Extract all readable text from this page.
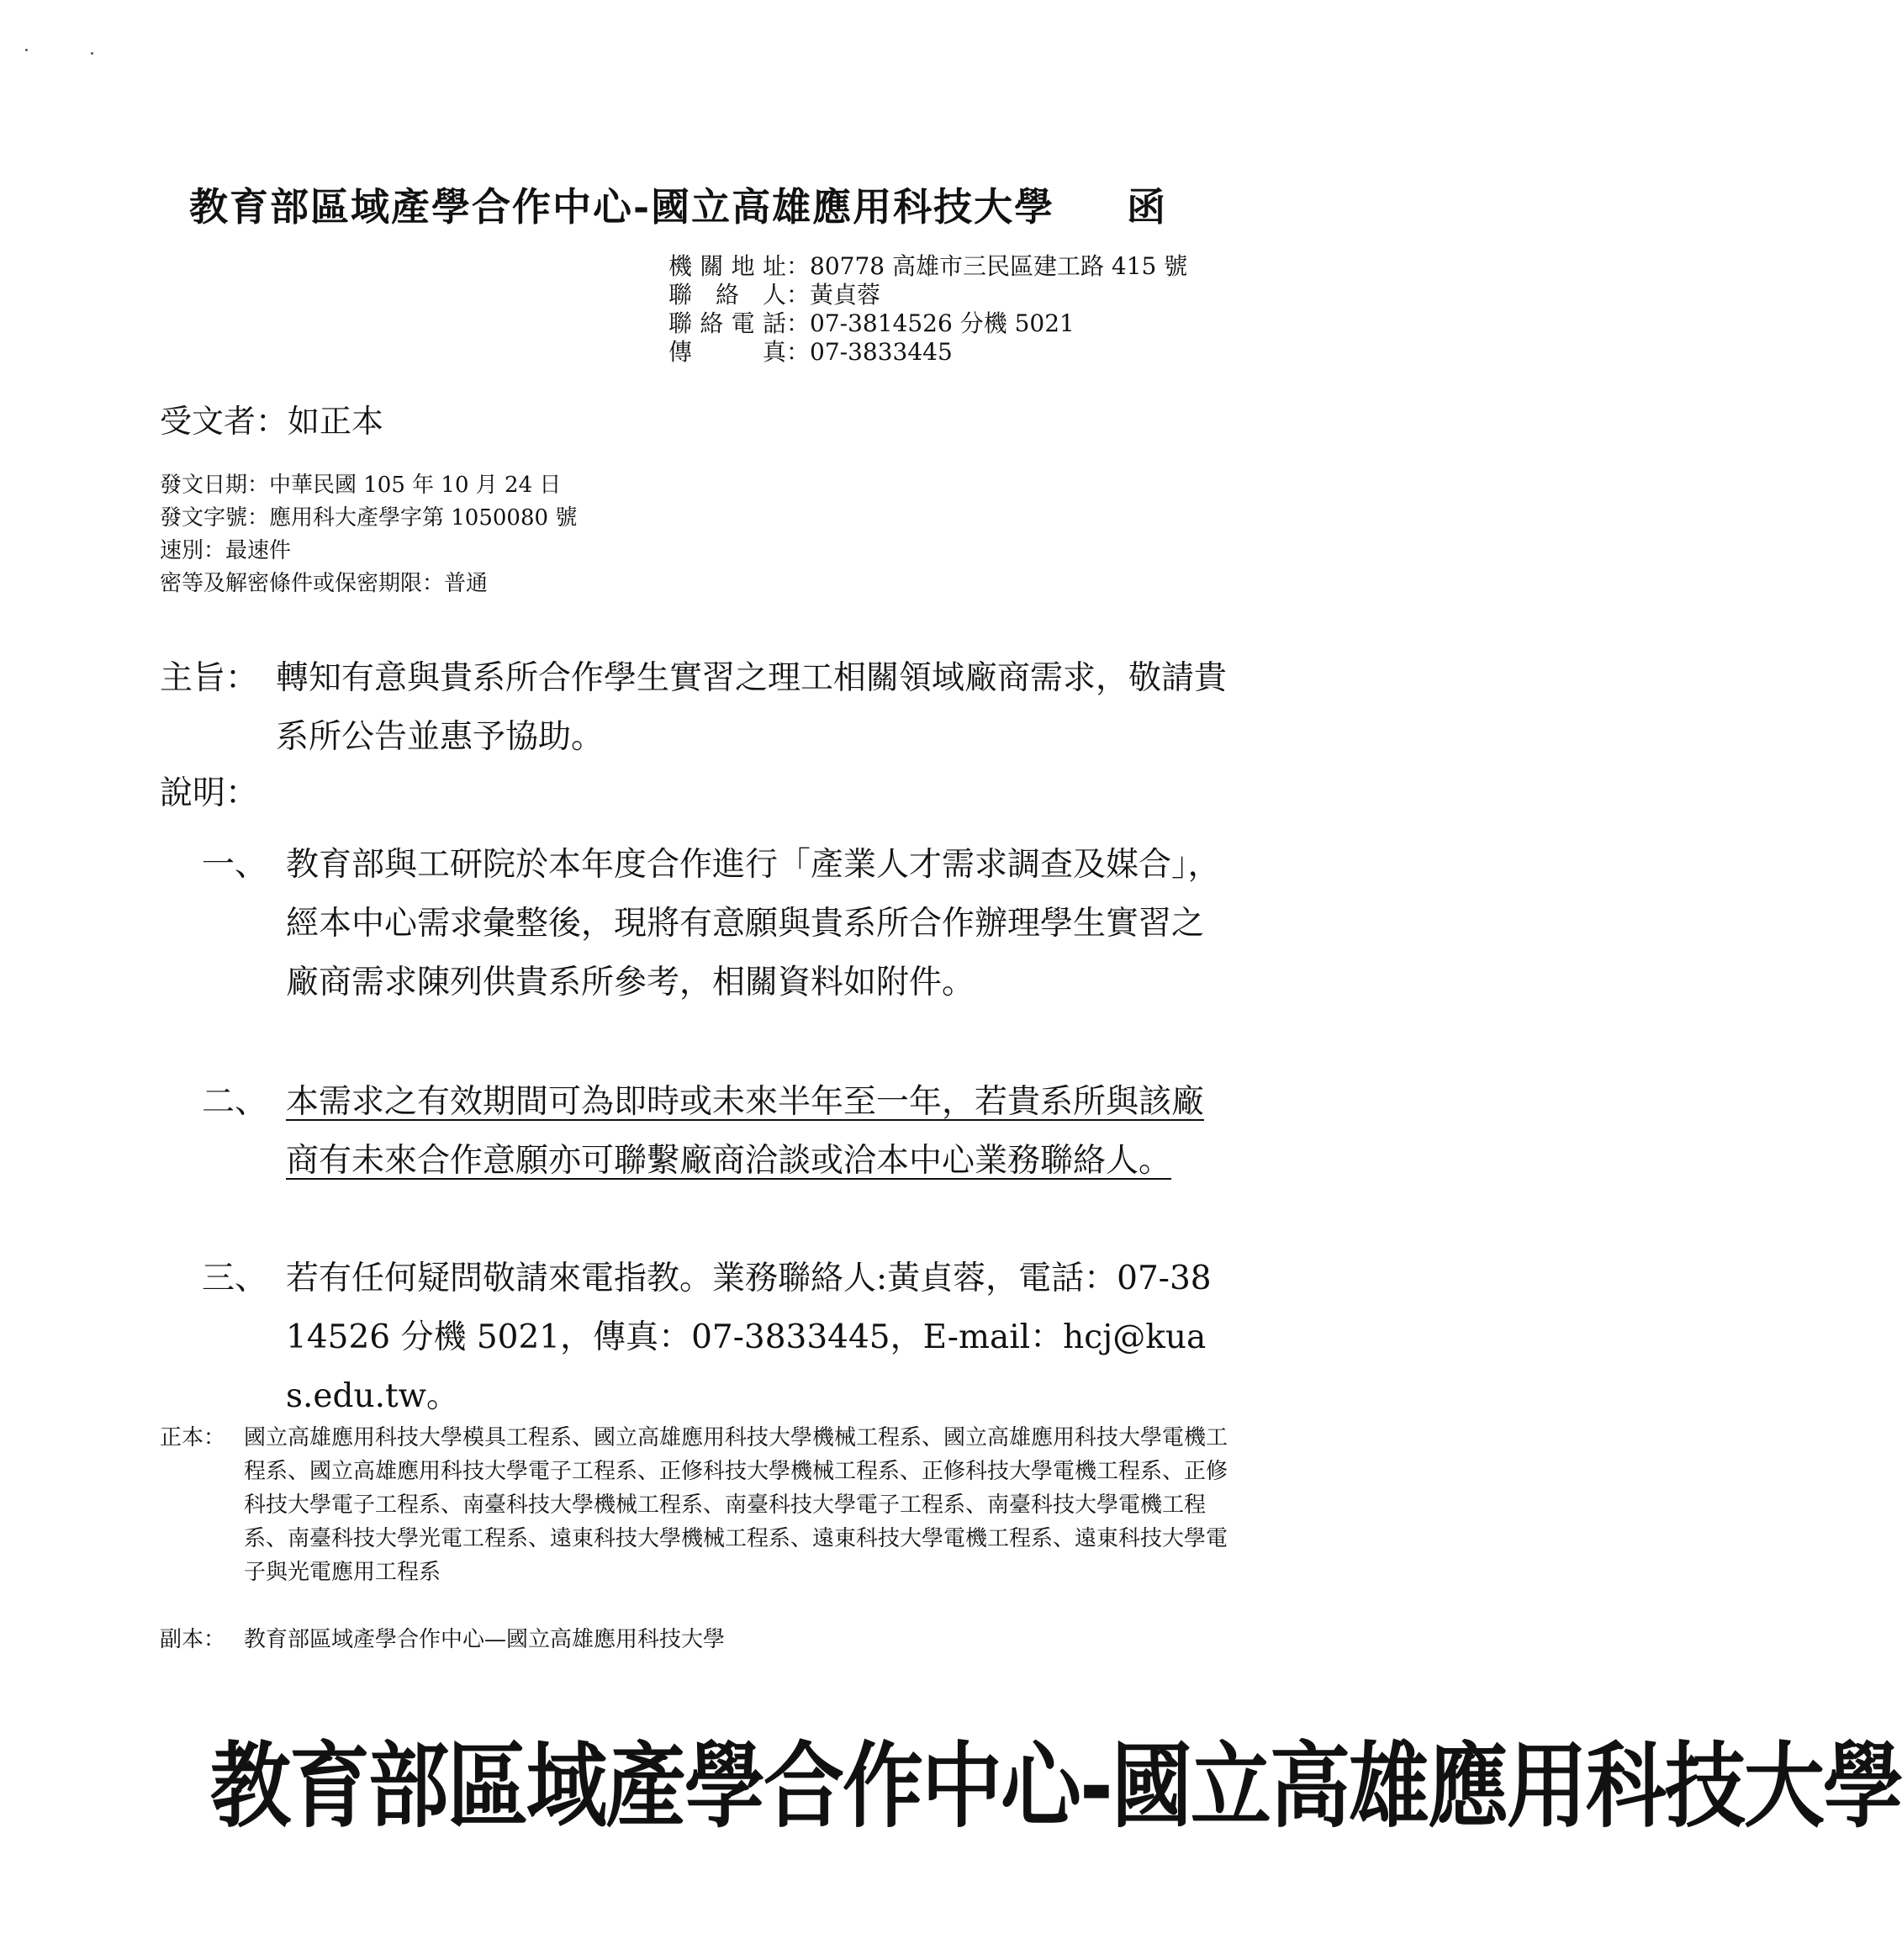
教育部區域產學合作中心-國立高雄應用科技大學 函
機關地址 ： 80778 高雄市三民區建工路 415 號
聯絡人 ： 黃貞蓉
聯絡電話 ： 07-3814526 分機 5021
傳真 ： 07-3833445
受文者：如正本
發文日期：中華民國 105 年 10 月 24 日
發文字號：應用科大產學字第 1050080 號
速別：最速件
密等及解密條件或保密期限：普通
主旨： 轉知有意與貴系所合作學生實習之理工相關領域廠商需求，敬請貴系所公告並惠予協助。
說明：
一、 教育部與工研院於本年度合作進行「產業人才需求調查及媒合」，經本中心需求彙整後，現將有意願與貴系所合作辦理學生實習之廠商需求陳列供貴系所參考，相關資料如附件。
二、 本需求之有效期間可為即時或未來半年至一年，若貴系所與該廠商有未來合作意願亦可聯繫廠商洽談或洽本中心業務聯絡人。
三、 若有任何疑問敬請來電指教。業務聯絡人:黃貞蓉，電話：07-3814526 分機 5021，傳真：07-3833445，E-mail：hcj@kuas.edu.tw。
正本： 國立高雄應用科技大學模具工程系、國立高雄應用科技大學機械工程系、國立高雄應用科技大學電機工程系、國立高雄應用科技大學電子工程系、正修科技大學機械工程系、正修科技大學電機工程系、正修科技大學電子工程系、南臺科技大學機械工程系、南臺科技大學電子工程系、南臺科技大學電機工程系、南臺科技大學光電工程系、遠東科技大學機械工程系、遠東科技大學電機工程系、遠東科技大學電子與光電應用工程系
副本： 教育部區域產學合作中心—國立高雄應用科技大學
教育部區域產學合作中心-國立高雄應用科技大學
